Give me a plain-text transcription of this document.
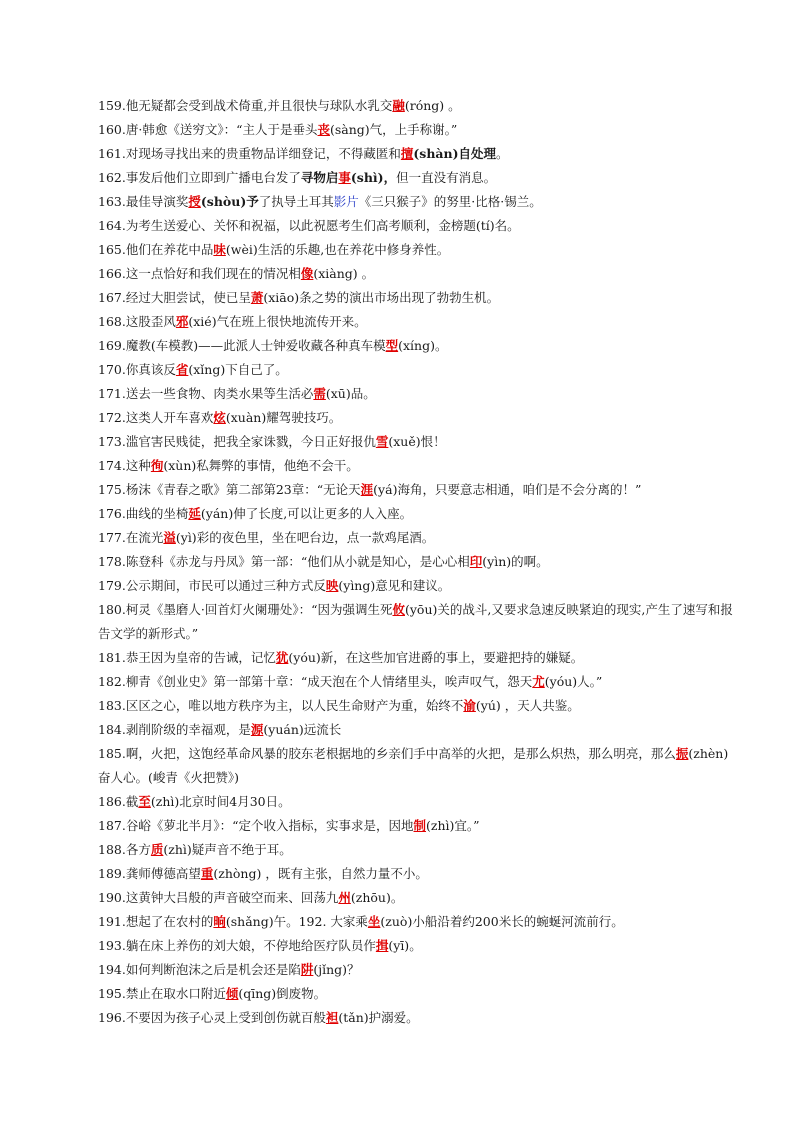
159.他无疑都会受到战术倚重,并且很快与球队水乳交融(róng) 。
160.唐·韩愈《送穷文》：“主人于是垂头丧(sàng)气，上手称谢。”
161.对现场寻找出来的贵重物品详细登记，不得藏匿和擅(shàn)自处理。
162.事发后他们立即到广播电台发了寻物启事(shì)，但一直没有消息。
163.最佳导演奖授(shòu)予了执导土耳其影片《三只猴子》的努里·比格·锡兰。
164.为考生送爱心、关怀和祝福，以此祝愿考生们高考顺利，金榜题(tí)名。
165.他们在养花中品味(wèi)生活的乐趣,也在养花中修身养性。
166.这一点恰好和我们现在的情况相像(xiàng) 。
167.经过大胆尝试，使已呈萧(xiāo)条之势的演出市场出现了勃勃生机。
168.这股歪风邪(xié)气在班上很快地流传开来。
169.魔教(车模教)——此派人士钟爱收藏各种真车模型(xíng)。
170.你真该反省(xǐng)下自己了。
171.送去一些食物、肉类水果等生活必需(xū)品。
172.这类人开车喜欢炫(xuàn)耀驾驶技巧。
173.滥官害民贱徒，把我全家诛戮，今日正好报仇雪(xuě)恨！
174.这种徇(xùn)私舞弊的事情，他绝不会干。
175.杨沫《青春之歌》第二部第23章：“无论天涯(yá)海角，只要意志相通，咱们是不会分离的！”
176.曲线的坐椅延(yán)伸了长度,可以让更多的人入座。
177.在流光溢(yì)彩的夜色里，坐在吧台边，点一款鸡尾酒。
178.陈登科《赤龙与丹凤》第一部：“他们从小就是知心，是心心相印(yìn)的啊。
179.公示期间，市民可以通过三种方式反映(yìng)意见和建议。
180.柯灵《墨磨人·回首灯火阑珊处》：“因为强调生死攸(yōu)关的战斗,又要求急速反映紧迫的现实,产生了速写和报告文学的新形式。”
181.恭王因为皇帝的告诫，记忆犹(yóu)新，在这些加官进爵的事上，要避把持的嫌疑。
182.柳青《创业史》第一部第十章：“成天泡在个人情绪里头，唉声叹气，怨天尤(yóu)人。”
183.区区之心，唯以地方秩序为主，以人民生命财产为重，始终不渝(yú) ，天人共鉴。
184.剥削阶级的幸福观，是源(yuán)远流长
185.啊，火把，这饱经革命风暴的胶东老根据地的乡亲们手中高举的火把，是那么炽热，那么明亮，那么振(zhèn)奋人心。(峻青《火把赞》)
186.截至(zhì)北京时间4月30日。
187.谷峪《萝北半月》：“定个收入指标，实事求是，因地制(zhì)宜。”
188.各方质(zhì)疑声音不绝于耳。
189.龚师傅德高望重(zhòng) ，既有主张，自然力量不小。
190.这黄钟大吕般的声音破空而来、回荡九州(zhōu)。
191.想起了在农村的晌(shǎng)午。192. 大家乘坐(zuò)小船沿着约200米长的蜿蜒河流前行。
193.躺在床上养伤的刘大娘，不停地给医疗队员作揖(yī)。
194.如何判断泡沫之后是机会还是陷阱(jǐng)？
195.禁止在取水口附近倾(qīng)倒废物。
196.不要因为孩子心灵上受到创伤就百般袒(tǎn)护溺爱。
